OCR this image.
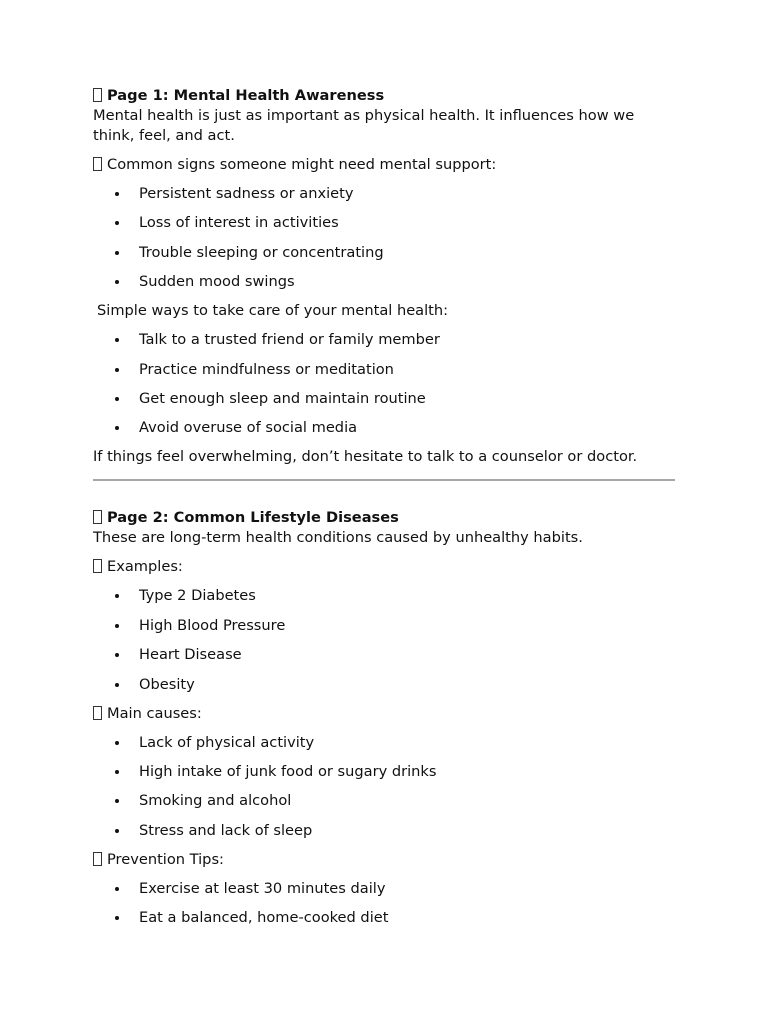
Page 1: Mental Health Awareness

Mental health is just as important as physical health. It influences how we think, feel, and act.

Common signs someone might need mental support:

Persistent sadness or anxiety
Loss of interest in activities
Trouble sleeping or concentrating
Sudden mood swings

Simple ways to take care of your mental health:

Talk to a trusted friend or family member
Practice mindfulness or meditation
Get enough sleep and maintain routine
Avoid overuse of social media

If things feel overwhelming, don’t hesitate to talk to a counselor or doctor.

Page 2: Common Lifestyle Diseases

These are long-term health conditions caused by unhealthy habits.

Examples:

Type 2 Diabetes
High Blood Pressure
Heart Disease
Obesity

Main causes:

Lack of physical activity
High intake of junk food or sugary drinks
Smoking and alcohol
Stress and lack of sleep

Prevention Tips:

Exercise at least 30 minutes daily
Eat a balanced, home-cooked diet
